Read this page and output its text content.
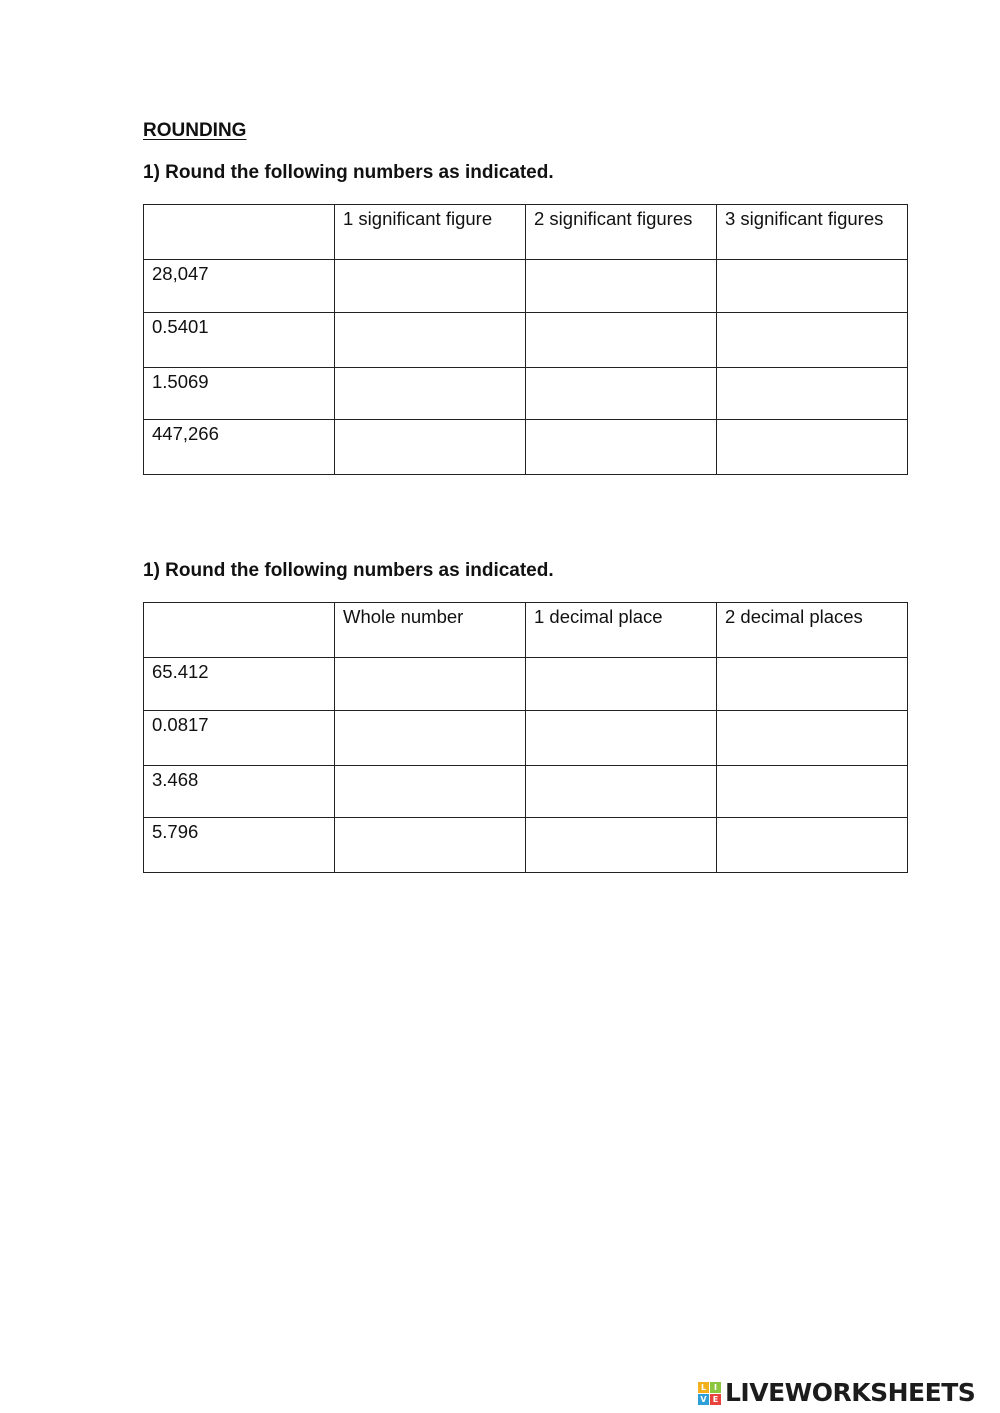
ROUNDING

1) Round the following numbers as indicated.

	1 significant figure	2 significant figures	3 significant figures
28,047			
0.5401			
1.5069			
447,266			

1) Round the following numbers as indicated.

	Whole number	1 decimal place	2 decimal places
65.412			
0.0817			
3.468			
5.796			
L I
V E LIVEWORKSHEETS
